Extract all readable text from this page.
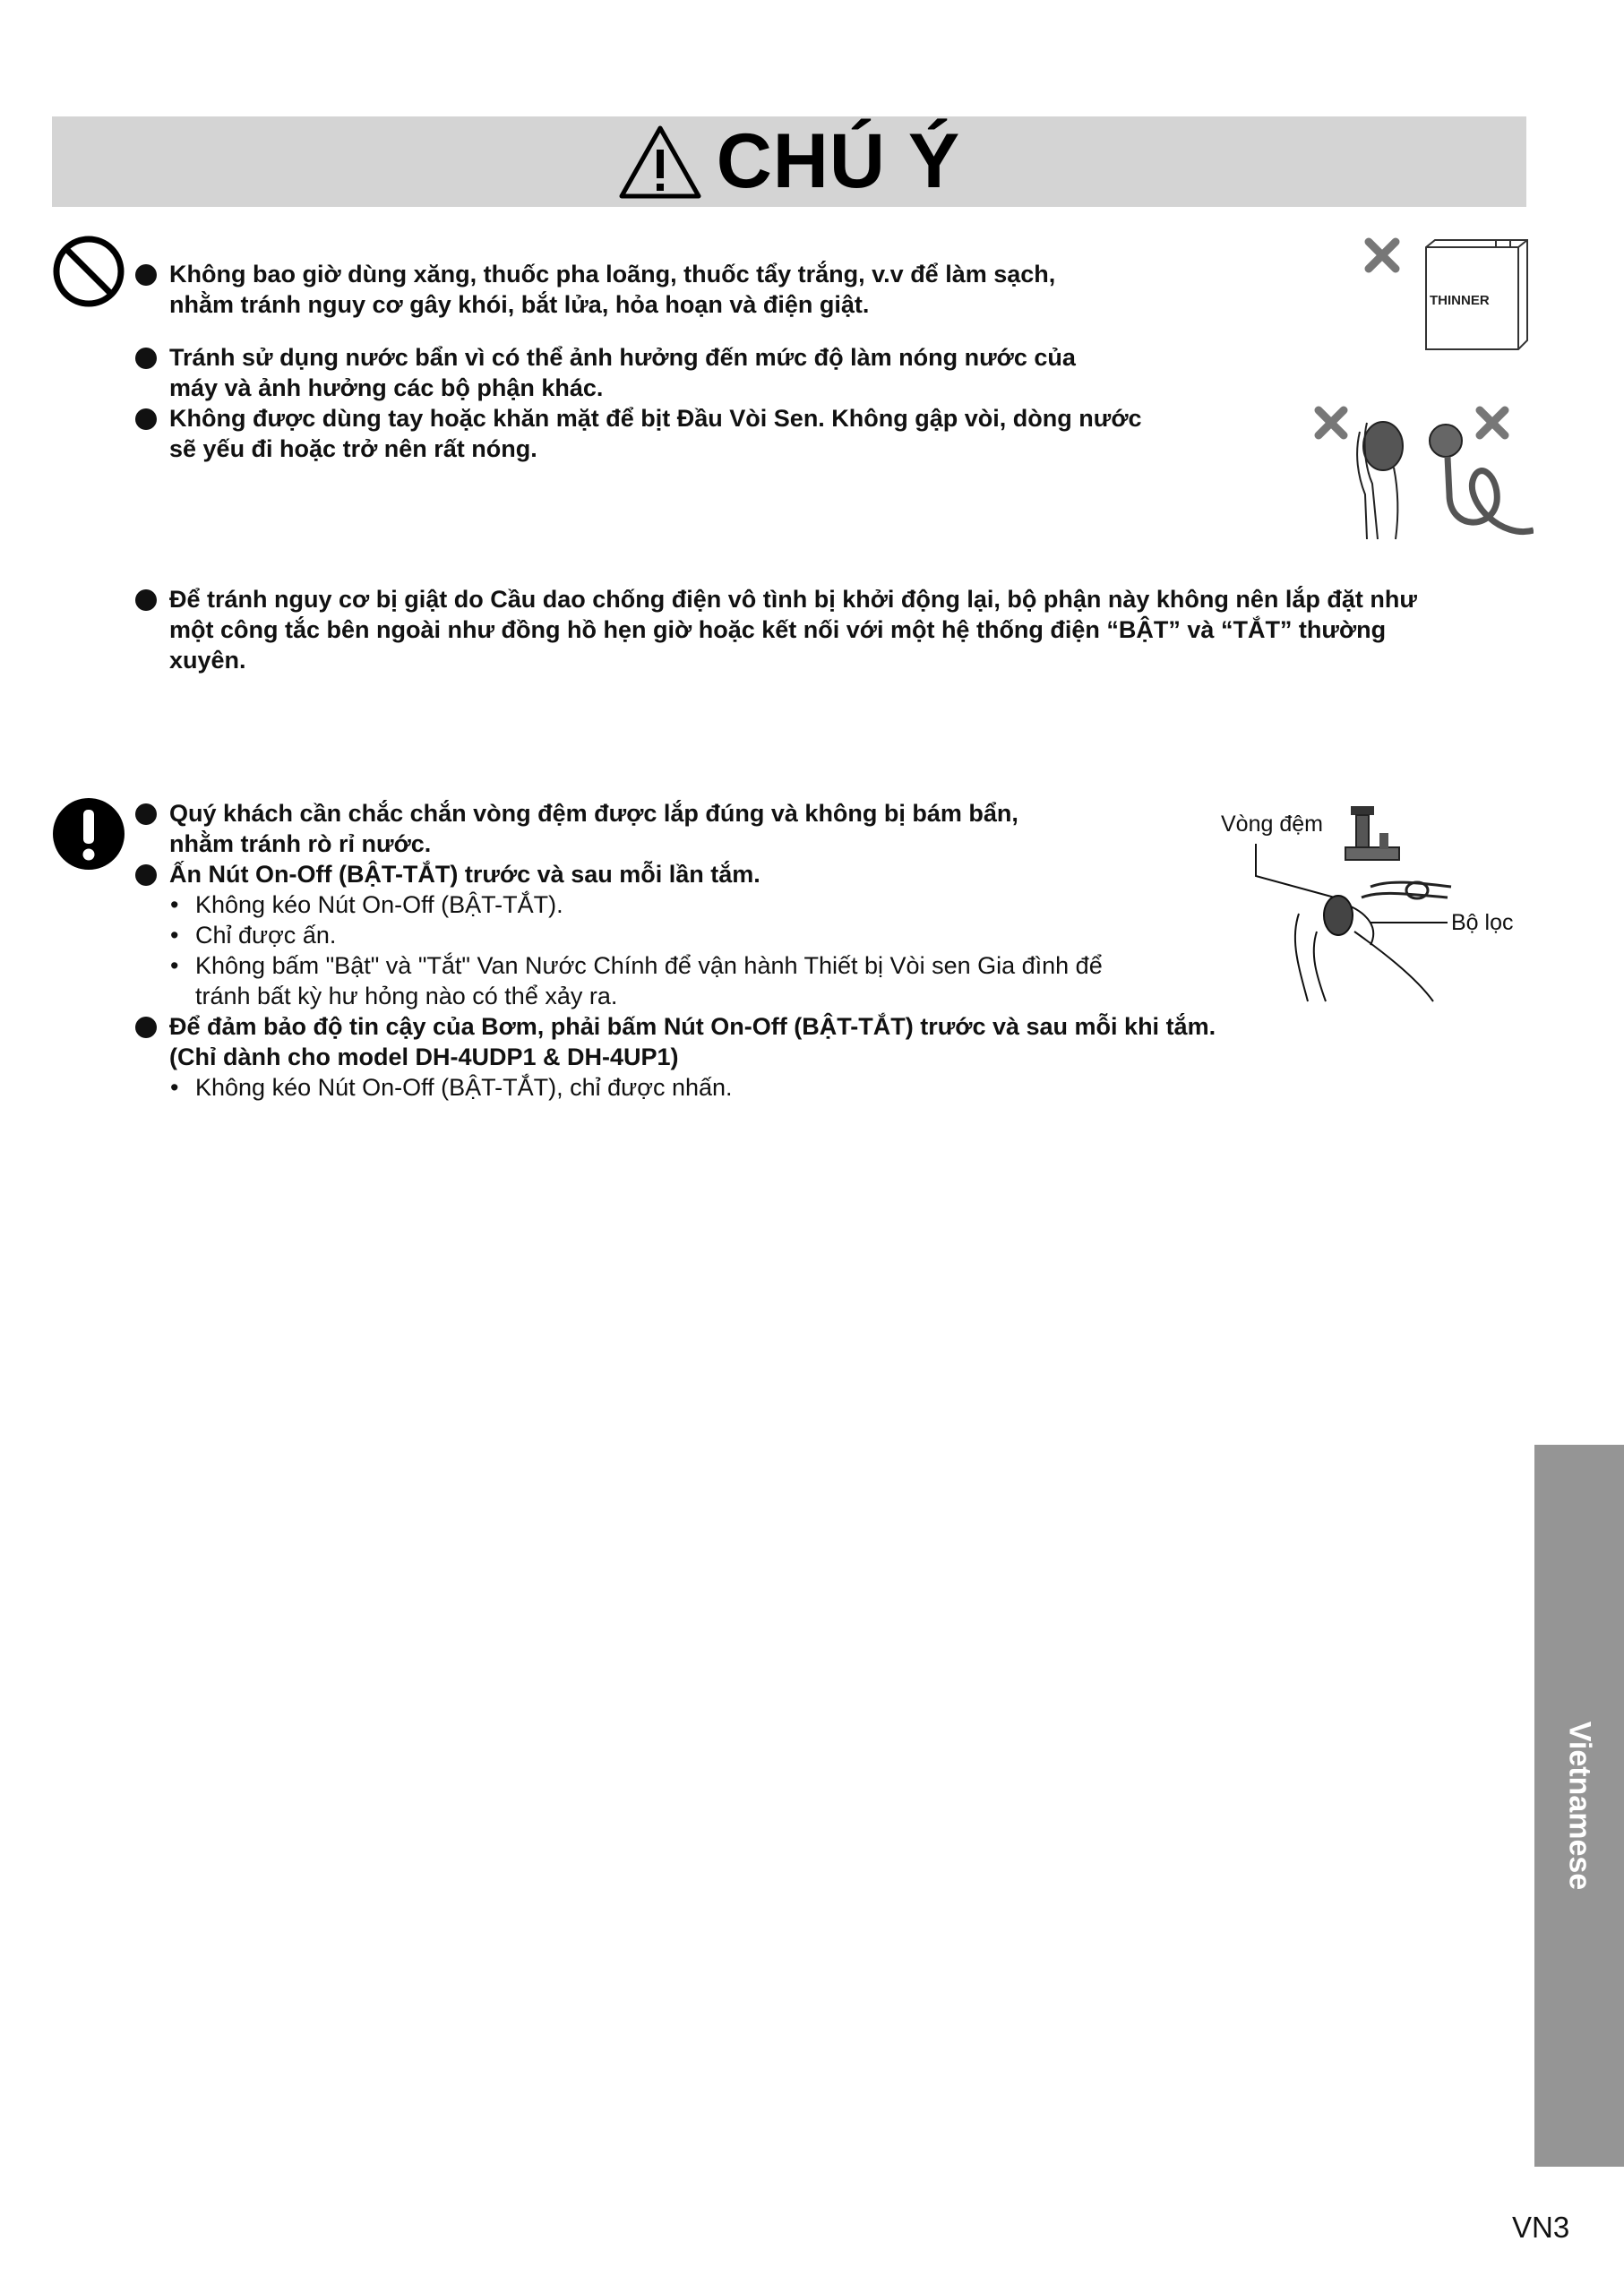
CHÚ Ý
Không bao giờ dùng xăng, thuốc pha loãng, thuốc tẩy trắng, v.v để làm sạch,
nhằm tránh nguy cơ gây khói, bắt lửa, hỏa hoạn và điện giật.
Tránh sử dụng nước bẩn vì có thể ảnh hưởng đến mức độ làm nóng nước của
máy và ảnh hưởng các bộ phận khác.
Không được dùng tay hoặc khăn mặt để bịt Đầu Vòi Sen. Không gập vòi, dòng nước
sẽ yếu đi hoặc trở nên rất nóng.
Để tránh nguy cơ bị giật do Cầu dao chống điện vô tình bị khởi động lại, bộ phận này không nên lắp đặt như
một công tắc bên ngoài như đồng hồ hẹn giờ hoặc kết nối với một hệ thống điện “BẬT” và “TẮT” thường
xuyên.
THINNER
Quý khách cần chắc chắn vòng đệm được lắp đúng và không bị bám bẩn,
nhằm tránh rò rỉ nước.
Ấn Nút On-Off (BẬT-TẮT) trước và sau mỗi lần tắm.
• Không kéo Nút On-Off (BẬT-TẮT).
• Chỉ được ấn.
• Không bấm "Bật" và "Tắt" Van Nước Chính để vận hành Thiết bị Vòi sen Gia đình để
tránh bất kỳ hư hỏng nào có thể xảy ra.
Để đảm bảo độ tin cậy của Bơm, phải bấm Nút On-Off (BẬT-TẮT) trước và sau mỗi khi tắm.
(Chỉ dành cho model DH-4UDP1 & DH-4UP1)
• Không kéo Nút On-Off (BẬT-TẮT), chỉ được nhấn.
Vòng đệm
Bộ lọc
Vietnamese
VN3
